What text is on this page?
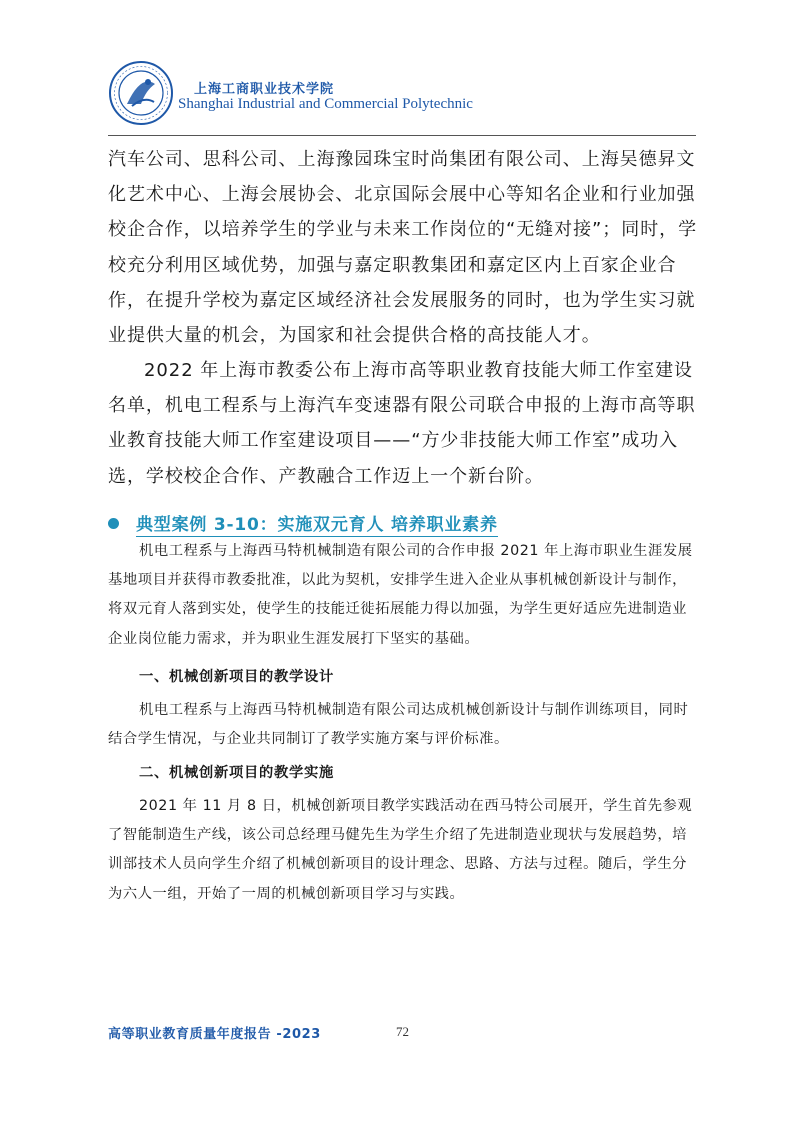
上海工商职业技术学院
Shanghai Industrial and Commercial Polytechnic

汽车公司、思科公司、上海豫园珠宝时尚集团有限公司、上海吴德昇文化艺术中心、上海会展协会、北京国际会展中心等知名企业和行业加强校企合作，以培养学生的学业与未来工作岗位的“无缝对接”；同时，学校充分利用区域优势，加强与嘉定职教集团和嘉定区内上百家企业合作，在提升学校为嘉定区域经济社会发展服务的同时，也为学生实习就业提供大量的机会，为国家和社会提供合格的高技能人才。

2022 年上海市教委公布上海市高等职业教育技能大师工作室建设名单，机电工程系与上海汽车变速器有限公司联合申报的上海市高等职业教育技能大师工作室建设项目——“方少非技能大师工作室”成功入选，学校校企合作、产教融合工作迈上一个新台阶。

典型案例 3-10：实施双元育人 培养职业素养

机电工程系与上海西马特机械制造有限公司的合作申报 2021 年上海市职业生涯发展基地项目并获得市教委批准，以此为契机，安排学生进入企业从事机械创新设计与制作，将双元育人落到实处，使学生的技能迁徙拓展能力得以加强，为学生更好适应先进制造业企业岗位能力需求，并为职业生涯发展打下坚实的基础。

一、机械创新项目的教学设计

机电工程系与上海西马特机械制造有限公司达成机械创新设计与制作训练项目，同时结合学生情况，与企业共同制订了教学实施方案与评价标准。

二、机械创新项目的教学实施

2021 年 11 月 8 日，机械创新项目教学实践活动在西马特公司展开，学生首先参观了智能制造生产线，该公司总经理马健先生为学生介绍了先进制造业现状与发展趋势，培训部技术人员向学生介绍了机械创新项目的设计理念、思路、方法与过程。随后，学生分为六人一组，开始了一周的机械创新项目学习与实践。

高等职业教育质量年度报告 -2023	72
